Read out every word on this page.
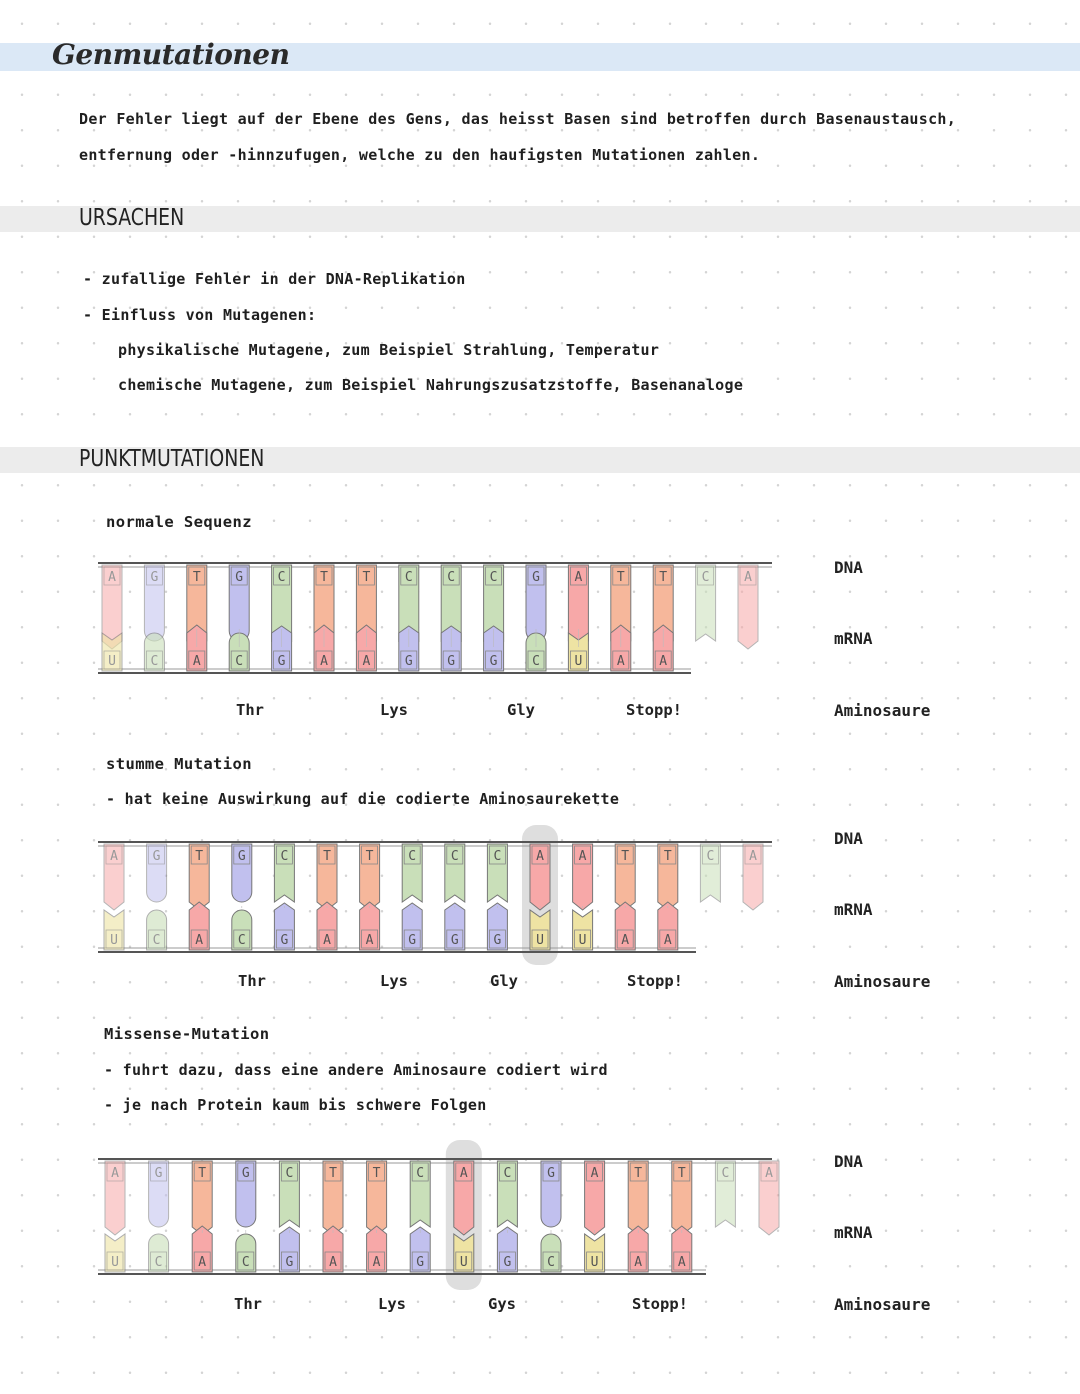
Genmutationen

Der Fehler liegt auf der Ebene des Gens, das heisst Basen sind betroffen durch Basenaustausch,

entfernung oder -hinnzufugen, welche zu den haufigsten Mutationen zahlen.

URSACHEN

- zufallige Fehler in der DNA-Replikation

- Einfluss von Mutagenen:

physikalische Mutagene, zum Beispiel Strahlung, Temperatur

chemische Mutagene, zum Beispiel Nahrungszusatzstoffe, Basenanaloge

PUNKTMUTATIONEN

normale Sequenz

A	G	T	G	C	T	T	C	C	C	G	A	T	T	C	A
U	C	A	C	G	A	A	G	G	G	C	U	A	A

Thr	Lys	Gly	Stopp!

DNA

mRNA

Aminosaure

stumme Mutation

- hat keine Auswirkung auf die codierte Aminosaurekette

A	G	T	G	C	T	T	C	C	C	A	A	T	T	C	A
U	C	A	C	G	A	A	G	G	G	U	U	A	A

Thr	Lys	Gly	Stopp!

DNA

mRNA

Aminosaure

Missense-Mutation

- fuhrt dazu, dass eine andere Aminosaure codiert wird

- je nach Protein kaum bis schwere Folgen

A	G	T	G	C	T	T	C	A	C	G	A	T	T	C	A
U	C	A	C	G	A	A	G	U	G	C	U	A	A

Thr	Lys	Gys	Stopp!

DNA

mRNA

Aminosaure
